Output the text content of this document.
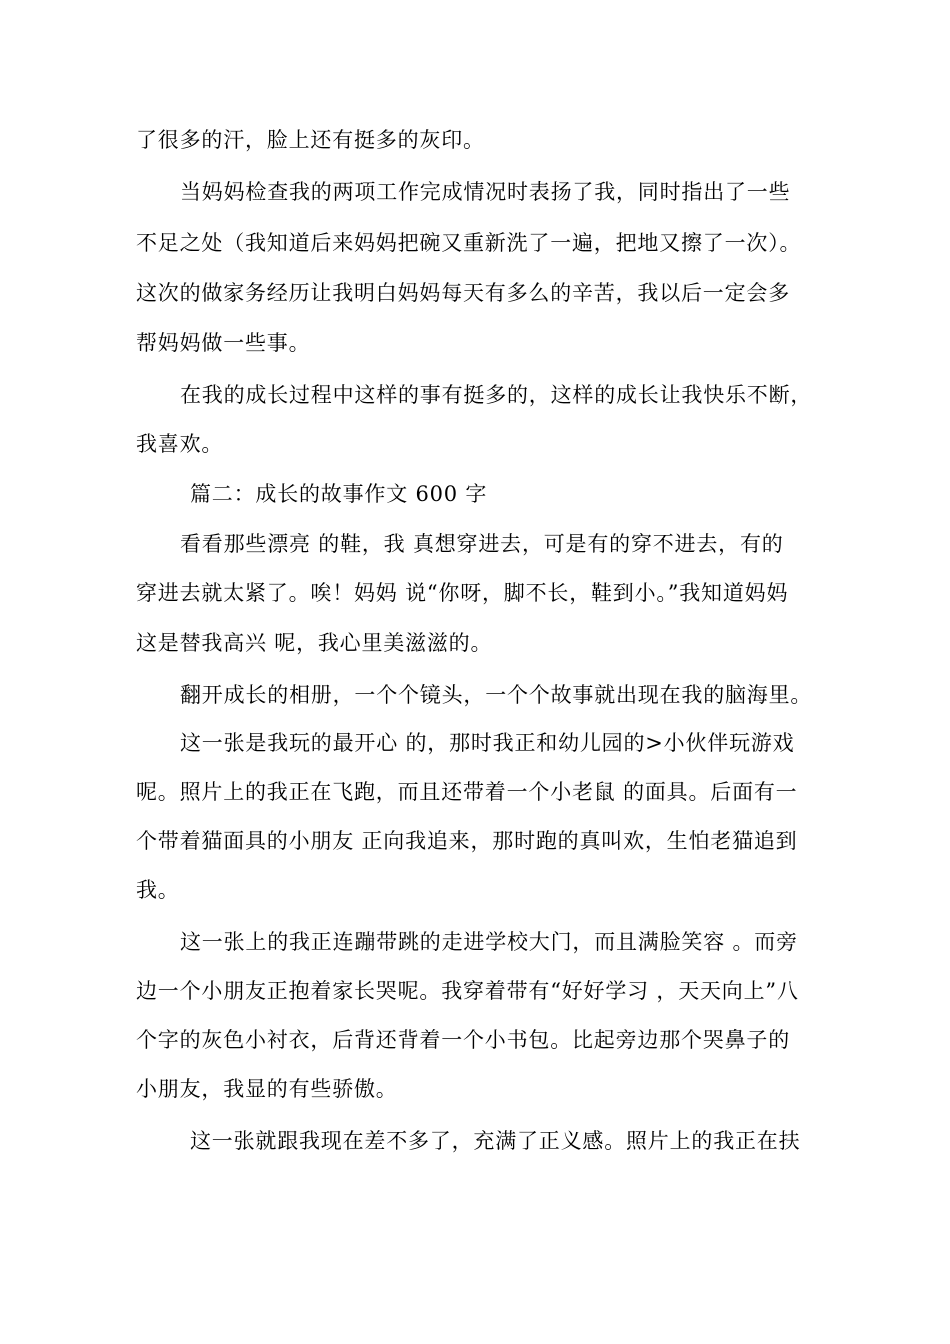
了很多的汗，脸上还有挺多的灰印。
当妈妈检查我的两项工作完成情况时表扬了我，同时指出了一些
不足之处（我知道后来妈妈把碗又重新洗了一遍，把地又擦了一次）。
这次的做家务经历让我明白妈妈每天有多么的辛苦，我以后一定会多
帮妈妈做一些事。
在我的成长过程中这样的事有挺多的，这样的成长让我快乐不断，
我喜欢。
篇二：成长的故事作文 600 字
看看那些漂亮 的鞋，我 真想穿进去，可是有的穿不进去，有的
穿进去就太紧了。唉！妈妈 说“你呀，脚不长，鞋到小。”我知道妈妈
这是替我高兴 呢，我心里美滋滋的。
翻开成长的相册，一个个镜头，一个个故事就出现在我的脑海里。
这一张是我玩的最开心 的，那时我正和幼儿园的>小伙伴玩游戏
呢。照片上的我正在飞跑，而且还带着一个小老鼠 的面具。后面有一
个带着猫面具的小朋友 正向我追来，那时跑的真叫欢，生怕老猫追到
我。
这一张上的我正连蹦带跳的走进学校大门，而且满脸笑容 。而旁
边一个小朋友正抱着家长哭呢。我穿着带有“好好学习 ，天天向上”八
个字的灰色小衬衣，后背还背着一个小书包。比起旁边那个哭鼻子的
小朋友，我显的有些骄傲。
这一张就跟我现在差不多了，充满了正义感。照片上的我正在扶
